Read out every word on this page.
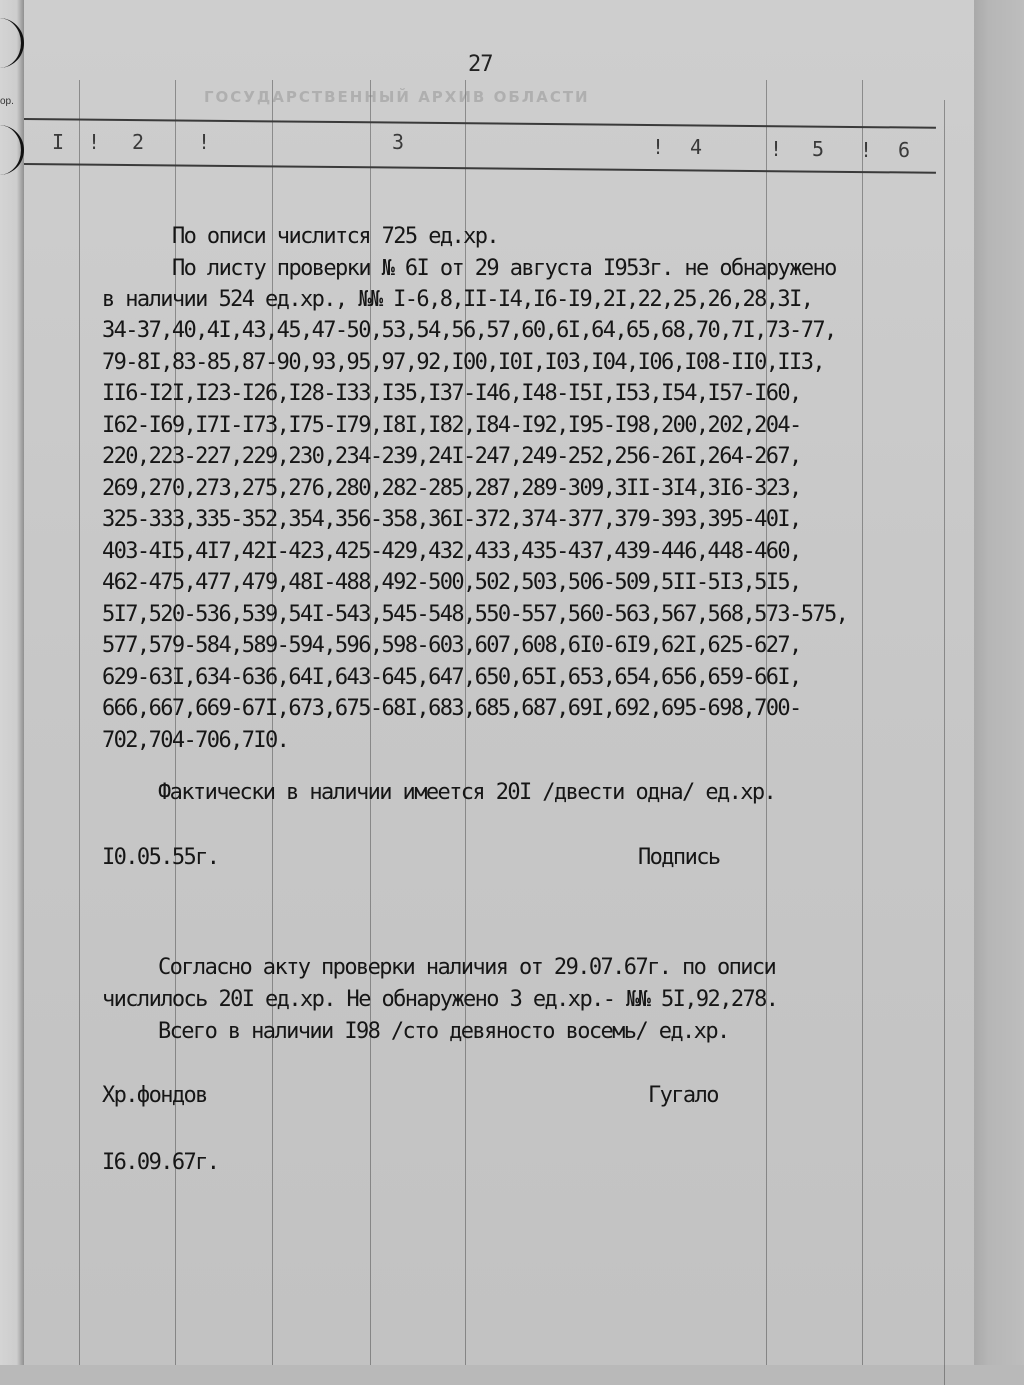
ор.
27
ГОСУДАРСТВЕННЫЙ АРХИВ ОБЛАСТИ
I ! 2	!	3	! 4	! 5 ! 6
По описи числится 725 ед.хр.
По листу проверки № 6I от 29 августа I953г. не обнаружено
в наличии 524 ед.хр., №№ I-6,8,II-I4,I6-I9,2I,22,25,26,28,3I,
34-37,40,4I,43,45,47-50,53,54,56,57,60,6I,64,65,68,70,7I,73-77,
79-8I,83-85,87-90,93,95,97,92,I00,I0I,I03,I04,I06,I08-II0,II3,
II6-I2I,I23-I26,I28-I33,I35,I37-I46,I48-I5I,I53,I54,I57-I60,
I62-I69,I7I-I73,I75-I79,I8I,I82,I84-I92,I95-I98,200,202,204-
220,223-227,229,230,234-239,24I-247,249-252,256-26I,264-267,
269,270,273,275,276,280,282-285,287,289-309,3II-3I4,3I6-323,
325-333,335-352,354,356-358,36I-372,374-377,379-393,395-40I,
403-4I5,4I7,42I-423,425-429,432,433,435-437,439-446,448-460,
462-475,477,479,48I-488,492-500,502,503,506-509,5II-5I3,5I5,
5I7,520-536,539,54I-543,545-548,550-557,560-563,567,568,573-575,
577,579-584,589-594,596,598-603,607,608,6I0-6I9,62I,625-627,
629-63I,634-636,64I,643-645,647,650,65I,653,654,656,659-66I,
666,667,669-67I,673,675-68I,683,685,687,69I,692,695-698,700-
702,704-706,7I0.
Фактически в наличии имеется 20I /двести одна/ ед.хр.
I0.05.55г.	Подпись
Согласно акту проверки наличия от 29.07.67г. по описи
числилось 20I ед.хр. Не обнаружено 3 ед.хр.- №№ 5I,92,278.
Всего в наличии I98 /сто девяносто восемь/ ед.хр.
Хр.фондов	Гугало
I6.09.67г.
